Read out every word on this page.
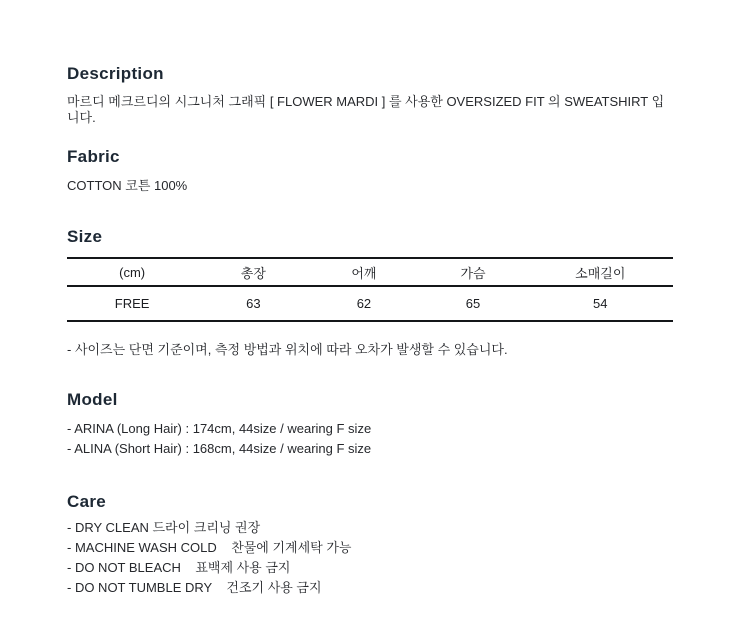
Description
마르디 메크르디의 시그니처 그래픽 [ FLOWER MARDI ] 를 사용한 OVERSIZED FIT 의 SWEATSHIRT 입니다.
Fabric
COTTON 코튼 100%
Size
(cm)	총장	어깨	가슴	소매길이
FREE	63	62	65	54
- 사이즈는 단면 기준이며, 측정 방법과 위치에 따라 오차가 발생할 수 있습니다.
Model
- ARINA (Long Hair) : 174cm, 44size / wearing F size
- ALINA (Short Hair) : 168cm, 44size / wearing F size
Care
- DRY CLEAN 드라이 크리닝 권장
- MACHINE WASH COLD    찬물에 기계세탁 가능
- DO NOT BLEACH    표백제 사용 금지
- DO NOT TUMBLE DRY    건조기 사용 금지
